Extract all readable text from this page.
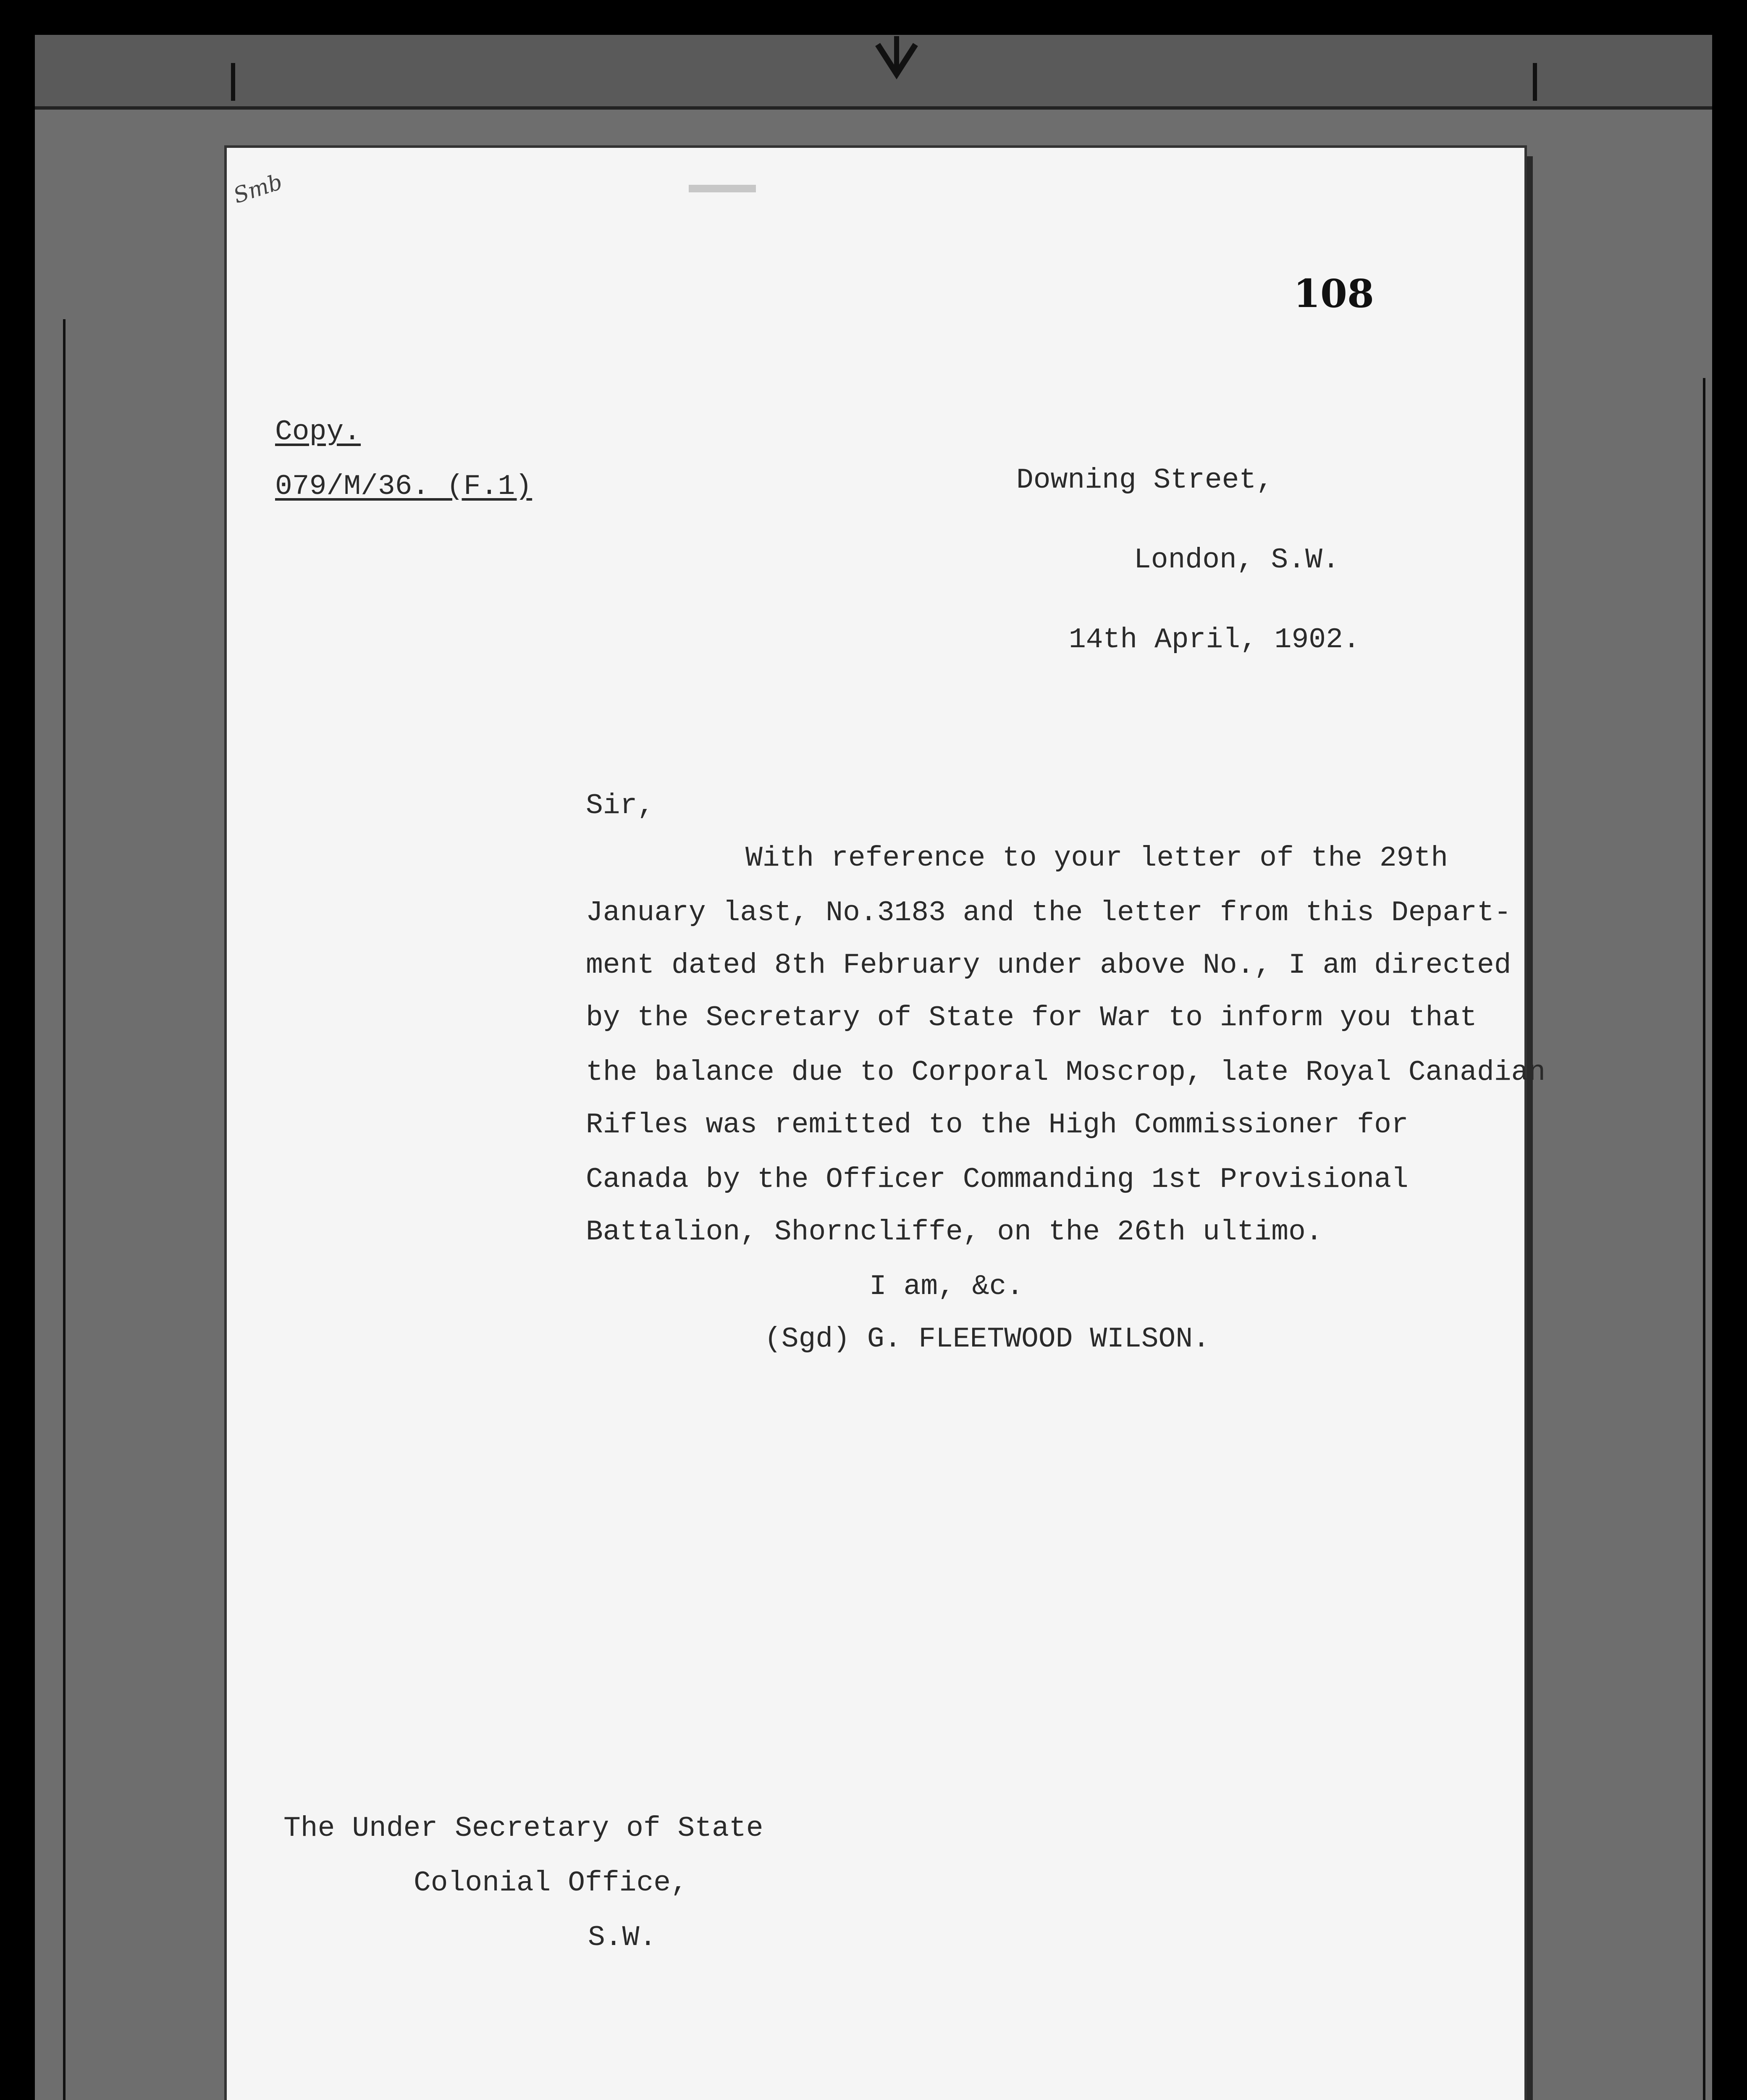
Smb
108
Copy.
079/M/36. (F.1)	Downing Street,
London, S.W.
14th April, 1902.
Sir,
With reference to your letter of the 29th
January last, No.3183 and the letter from this Depart-
ment dated 8th February under above No., I am directed
by the Secretary of State for War to inform you that
the balance due to Corporal Moscrop, late Royal Canadian
Rifles was remitted to the High Commissioner for
Canada by the Officer Commanding 1st Provisional
Battalion, Shorncliffe, on the 26th ultimo.
I am, &c.
(Sgd) G. FLEETWOOD WILSON.
The Under Secretary of State
Colonial Office,
S.W.
